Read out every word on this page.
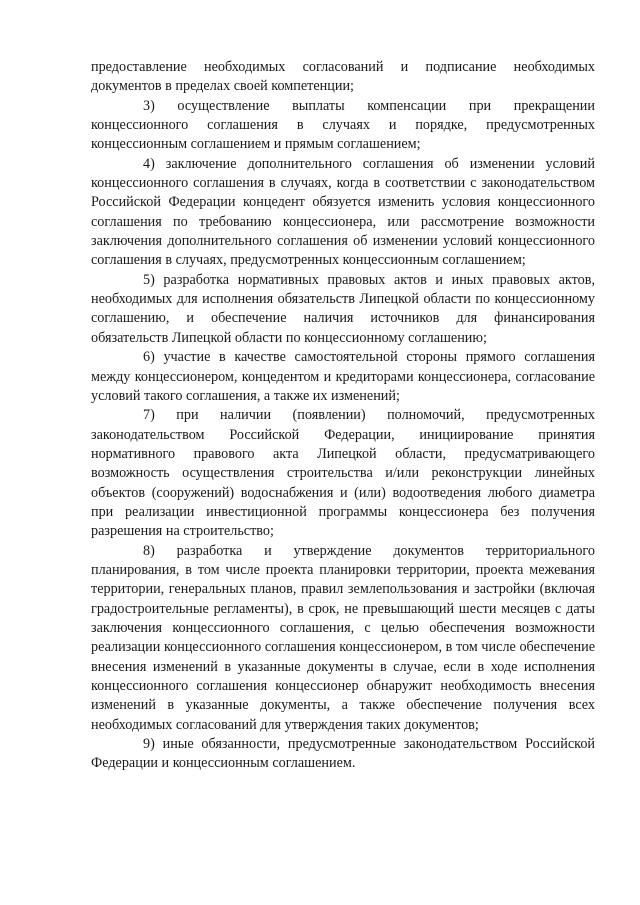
предоставление необходимых согласований и подписание необходимых документов в пределах своей компетенции;

3) осуществление выплаты компенсации при прекращении концессионного соглашения в случаях и порядке, предусмотренных концессионным соглашением и прямым соглашением;

4) заключение дополнительного соглашения об изменении условий концессионного соглашения в случаях, когда в соответствии с законодательством Российской Федерации концедент обязуется изменить условия концессионного соглашения по требованию концессионера, или рассмотрение возможности заключения дополнительного соглашения об изменении условий концессионного соглашения в случаях, предусмотренных концессионным соглашением;

5) разработка нормативных правовых актов и иных правовых актов, необходимых для исполнения обязательств Липецкой области по концессионному соглашению, и обеспечение наличия источников для финансирования обязательств Липецкой области по концессионному соглашению;

6) участие в качестве самостоятельной стороны прямого соглашения между концессионером, концедентом и кредиторами концессионера, согласование условий такого соглашения, а также их изменений;

7) при наличии (появлении) полномочий, предусмотренных законодательством Российской Федерации, инициирование принятия нормативного правового акта Липецкой области, предусматривающего возможность осуществления строительства и/или реконструкции линейных объектов (сооружений) водоснабжения и (или) водоотведения любого диаметра при реализации инвестиционной программы концессионера без получения разрешения на строительство;

8) разработка и утверждение документов территориального планирования, в том числе проекта планировки территории, проекта межевания территории, генеральных планов, правил землепользования и застройки (включая градостроительные регламенты), в срок, не превышающий шести месяцев с даты заключения концессионного соглашения, с целью обеспечения возможности реализации концессионного соглашения концессионером, в том числе обеспечение внесения изменений в указанные документы в случае, если в ходе исполнения концессионного соглашения концессионер обнаружит необходимость внесения изменений в указанные документы, а также обеспечение получения всех необходимых согласований для утверждения таких документов;

9) иные обязанности, предусмотренные законодательством Российской Федерации и концессионным соглашением.
